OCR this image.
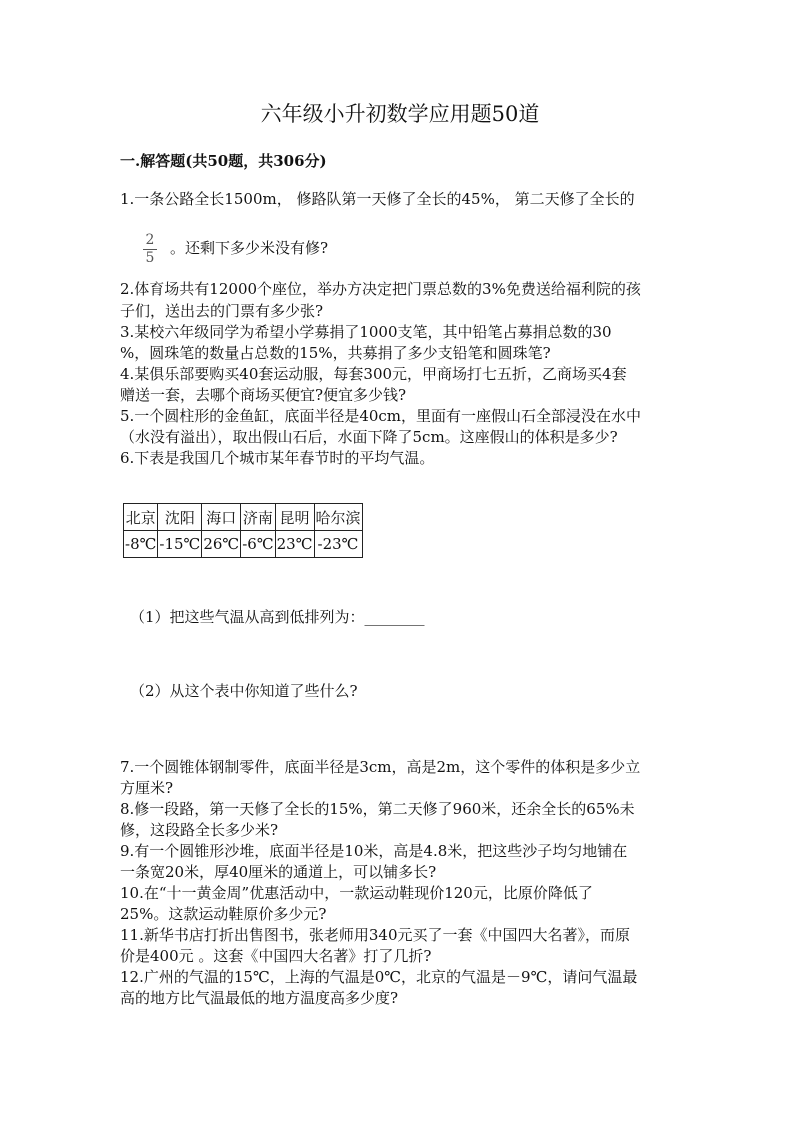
六年级小升初数学应用题50道
一.解答题(共50题，共306分)
1.一条公路全长1500m， 修路队第一天修了全长的45%， 第二天修了全长的
2
5
。还剩下多少米没有修?
2.体育场共有12000个座位，举办方决定把门票总数的3%免费送给福利院的孩
子们，送出去的门票有多少张?
3.某校六年级同学为希望小学募捐了1000支笔，其中铅笔占募捐总数的30
%，圆珠笔的数量占总数的15%，共募捐了多少支铅笔和圆珠笔?
4.某俱乐部要购买40套运动服，每套300元，甲商场打七五折，乙商场买4套
赠送一套，去哪个商场买便宜?便宜多少钱?
5.一个圆柱形的金鱼缸，底面半径是40cm，里面有一座假山石全部浸没在水中
（水没有溢出），取出假山石后，水面下降了5cm。这座假山的体积是多少?
6.下表是我国几个城市某年春节时的平均气温。
北京	沈阳	海口	济南	昆明	哈尔滨
-8℃	-15℃	26℃	-6℃	23℃	-23℃
（1）把这些气温从高到低排列为：________
（2）从这个表中你知道了些什么?
7.一个圆锥体钢制零件，底面半径是3cm，高是2m，这个零件的体积是多少立
方厘米?
8.修一段路，第一天修了全长的15%，第二天修了960米，还余全长的65%未
修，这段路全长多少米?
9.有一个圆锥形沙堆，底面半径是10米，高是4.8米，把这些沙子均匀地铺在
一条宽20米，厚40厘米的通道上，可以铺多长?
10.在“十一黄金周”优惠活动中，一款运动鞋现价120元，比原价降低了
25%。这款运动鞋原价多少元?
11.新华书店打折出售图书，张老师用340元买了一套《中国四大名著》，而原
价是400元 。这套《中国四大名著》打了几折?
12.广州的气温的15℃，上海的气温是0℃，北京的气温是－9℃，请问气温最
高的地方比气温最低的地方温度高多少度?
